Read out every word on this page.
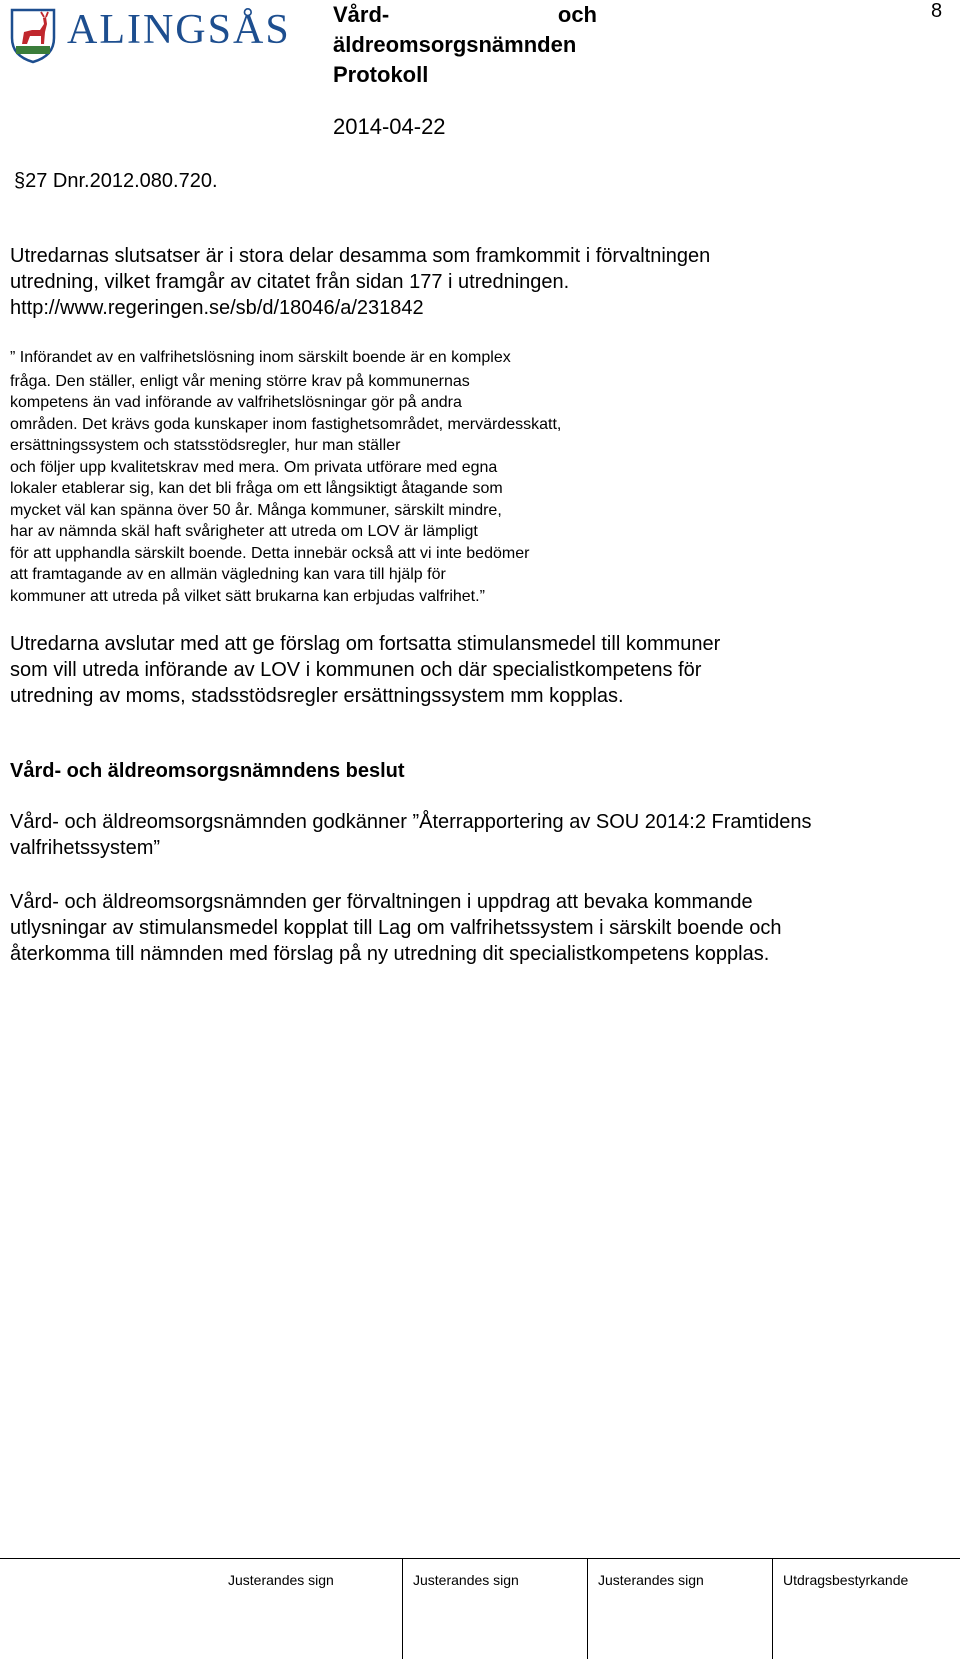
ALINGSÅS Vård-	och
äldreomsorgsnämnden
Protokoll
2014-04-22
8
§27 Dnr.2012.080.720.
Utredarnas slutsatser är i stora delar desamma som framkommit i förvaltningen
utredning, vilket framgår av citatet från sidan 177 i utredningen.
http://www.regeringen.se/sb/d/18046/a/231842
” Införandet av en valfrihetslösning inom särskilt boende är en komplex
fråga. Den ställer, enligt vår mening större krav på kommunernas
kompetens än vad införande av valfrihetslösningar gör på andra
områden. Det krävs goda kunskaper inom fastighetsområdet, mervärdesskatt,
ersättningssystem och statsstödsregler, hur man ställer
och följer upp kvalitetskrav med mera. Om privata utförare med egna
lokaler etablerar sig, kan det bli fråga om ett långsiktigt åtagande som
mycket väl kan spänna över 50 år. Många kommuner, särskilt mindre,
har av nämnda skäl haft svårigheter att utreda om LOV är lämpligt
för att upphandla särskilt boende. Detta innebär också att vi inte bedömer
att framtagande av en allmän vägledning kan vara till hjälp för
kommuner att utreda på vilket sätt brukarna kan erbjudas valfrihet.”
Utredarna avslutar med att ge förslag om fortsatta stimulansmedel till kommuner
som vill utreda införande av LOV i kommunen och där specialistkompetens för
utredning av moms, stadsstödsregler ersättningssystem mm kopplas.
Vård- och äldreomsorgsnämndens beslut
Vård- och äldreomsorgsnämnden godkänner ”Återrapportering av SOU 2014:2 Framtidens
valfrihetssystem”
Vård- och äldreomsorgsnämnden ger förvaltningen i uppdrag att bevaka kommande
utlysningar av stimulansmedel kopplat till Lag om valfrihetssystem i särskilt boende och
återkomma till nämnden med förslag på ny utredning dit specialistkompetens kopplas.
Justerandes sign	Justerandes sign	Justerandes sign	Utdragsbestyrkande
